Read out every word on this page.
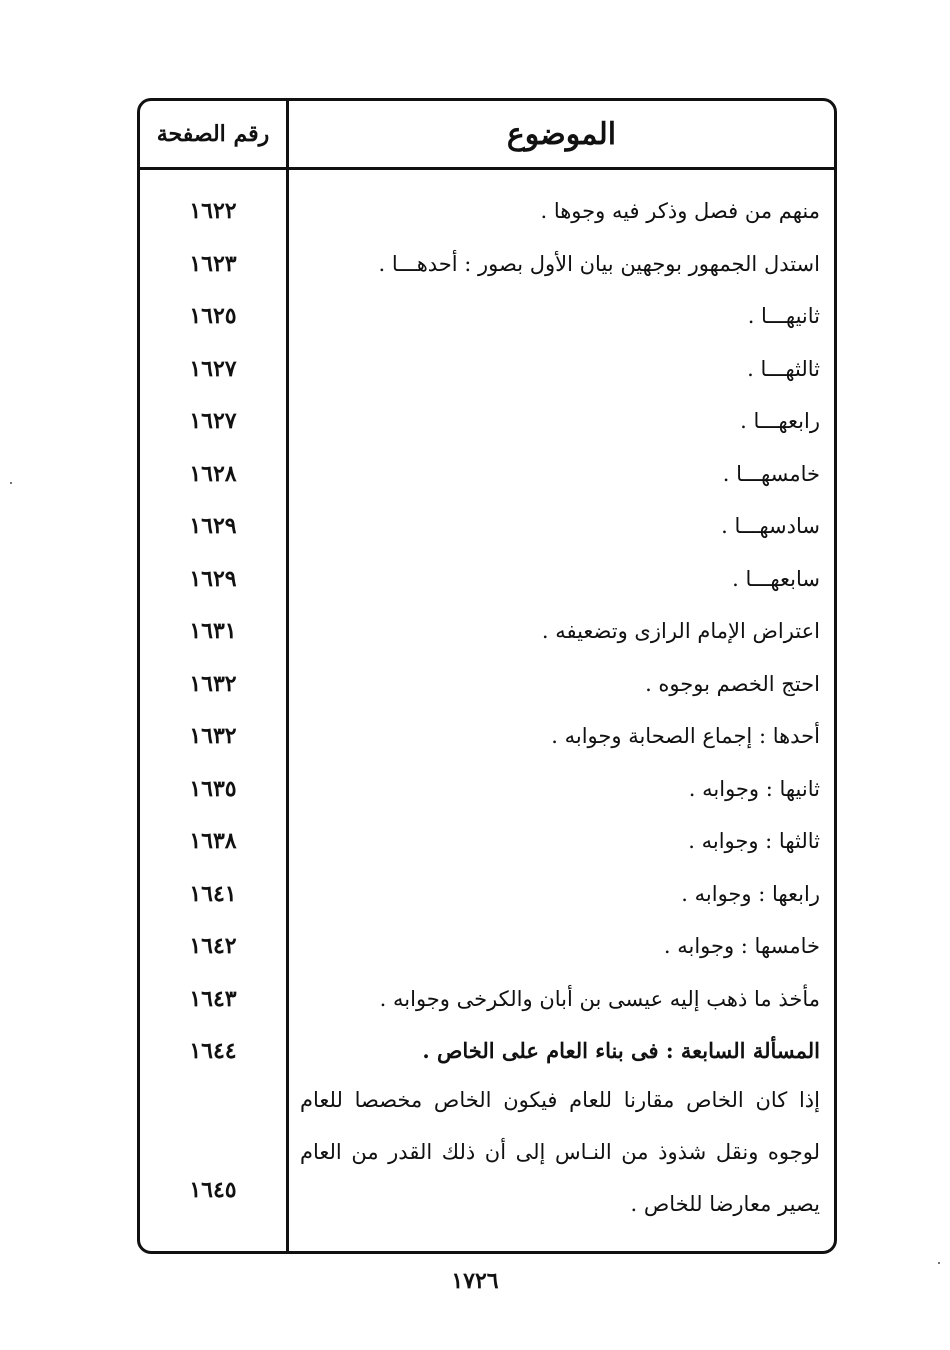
رقم الصفحة	الموضوع
منهم من فصل وذكر فيه وجوها .
١٦٢٢
استدل الجمهور بوجهين بيان الأول بصور : أحدهـــا .
١٦٢٣
ثانيهـــا .
١٦٢٥
ثالثهـــا .
١٦٢٧
رابعهـــا .
١٦٢٧
خامسهـــا .
١٦٢٨
سادسهـــا .
١٦٢٩
سابعهـــا .
١٦٢٩
اعتراض الإمام الرازى وتضعيفه .
١٦٣١
احتج الخصم بوجوه .
١٦٣٢
أحدها : إجماع الصحابة وجوابه .
١٦٣٢
ثانيها : وجوابه .
١٦٣٥
ثالثها : وجوابه .
١٦٣٨
رابعها : وجوابه .
١٦٤١
خامسها : وجوابه .
١٦٤٢
مأخذ ما ذهب إليه عيسى بن أبان والكرخى وجوابه .
١٦٤٣
المسألة السابعة : فى بناء العام على الخاص .
١٦٤٤
إذا كان الخاص مقارنا للعام فيكون الخاص مخصصا للعام لوجوه ونقل شذوذ من النـاس إلى أن ذلك القدر من العام يصير معارضا للخاص .
١٦٤٥
١٧٢٦
